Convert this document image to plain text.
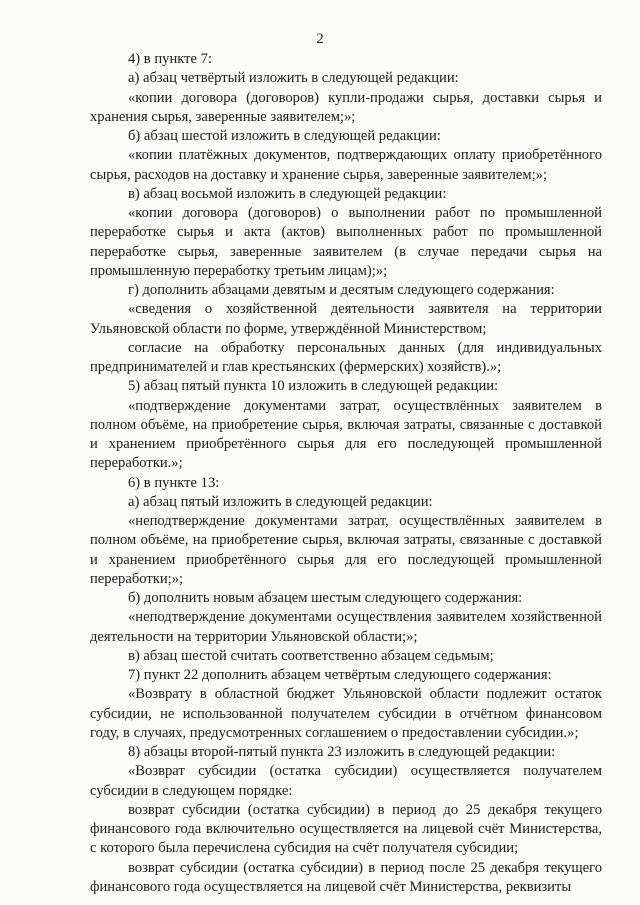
2

4) в пункте 7:

а) абзац четвёртый изложить в следующей редакции:

«копии договора (договоров) купли-продажи сырья, доставки сырья и хранения сырья, заверенные заявителем;»;

б) абзац шестой изложить в следующей редакции:

«копии платёжных документов, подтверждающих оплату приобретённого сырья, расходов на доставку и хранение сырья, заверенные заявителем;»;

в) абзац восьмой изложить в следующей редакции:

«копии договора (договоров) о выполнении работ по промышленной переработке сырья и акта (актов) выполненных работ по промышленной переработке сырья, заверенные заявителем (в случае передачи сырья на промышленную переработку третьим лицам);»;

г) дополнить абзацами девятым и десятым следующего содержания:

«сведения о хозяйственной деятельности заявителя на территории Ульяновской области по форме, утверждённой Министерством;

согласие на обработку персональных данных (для индивидуальных предпринимателей и глав крестьянских (фермерских) хозяйств).»;

5) абзац пятый пункта 10 изложить в следующей редакции:

«подтверждение документами затрат, осуществлённых заявителем в полном объёме, на приобретение сырья, включая затраты, связанные с доставкой и хранением приобретённого сырья для его последующей промышленной переработки.»;

6) в пункте 13:

а) абзац пятый изложить в следующей редакции:

«неподтверждение документами затрат, осуществлённых заявителем в полном объёме, на приобретение сырья, включая затраты, связанные с доставкой и хранением приобретённого сырья для его последующей промышленной переработки;»;

б) дополнить новым абзацем шестым следующего содержания:

«неподтверждение документами осуществления заявителем хозяйственной деятельности на территории Ульяновской области;»;

в) абзац шестой считать соответственно абзацем седьмым;

7) пункт 22 дополнить абзацем четвёртым следующего содержания:

«Возврату в областной бюджет Ульяновской области подлежит остаток субсидии, не использованной получателем субсидии в отчётном финансовом году, в случаях, предусмотренных соглашением о предоставлении субсидии.»;

8) абзацы второй-пятый пункта 23 изложить в следующей редакции:

«Возврат субсидии (остатка субсидии) осуществляется получателем субсидии в следующем порядке:

возврат субсидии (остатка субсидии) в период до 25 декабря текущего финансового года включительно осуществляется на лицевой счёт Министерства, с которого была перечислена субсидия на счёт получателя субсидии;

возврат субсидии (остатка субсидии) в период после 25 декабря текущего финансового года осуществляется на лицевой счёт Министерства, реквизиты
